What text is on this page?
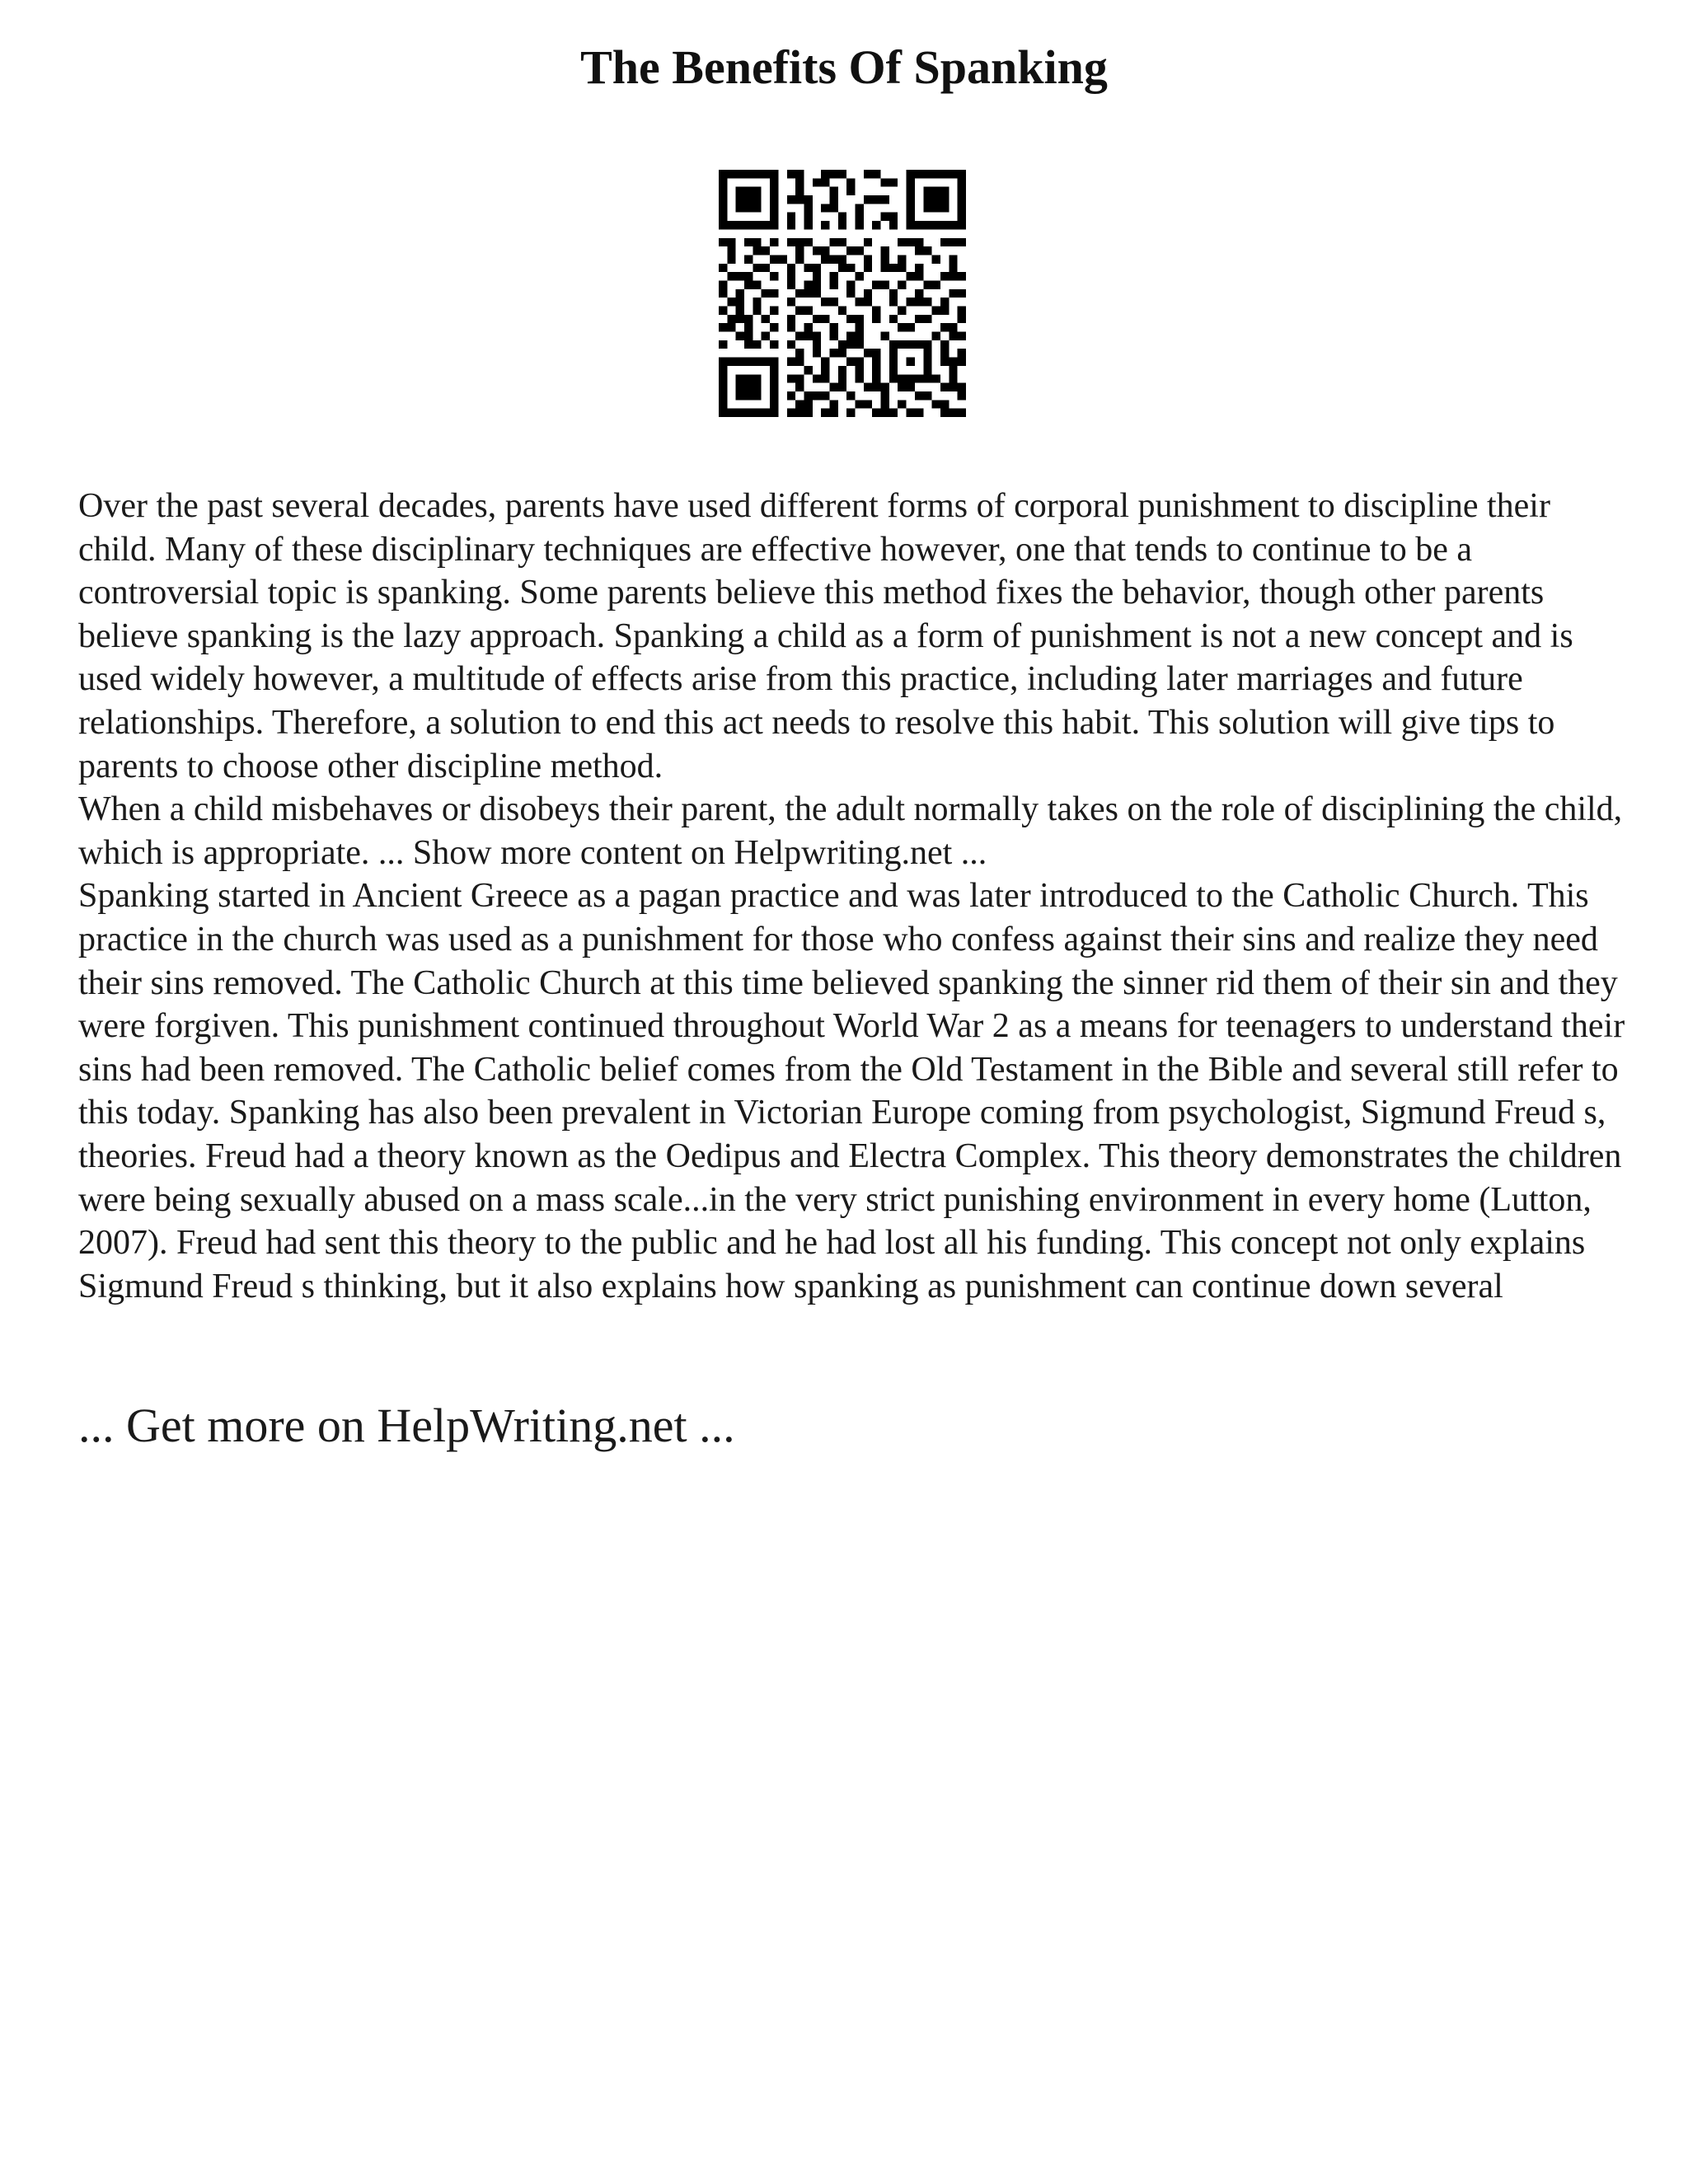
The Benefits Of Spanking

Over the past several decades, parents have used different forms of corporal punishment to discipline their child. Many of these disciplinary techniques are effective however, one that tends to continue to be a controversial topic is spanking. Some parents believe this method fixes the behavior, though other parents believe spanking is the lazy approach. Spanking a child as a form of punishment is not a new concept and is used widely however, a multitude of effects arise from this practice, including later marriages and future relationships. Therefore, a solution to end this act needs to resolve this habit. This solution will give tips to parents to choose other discipline method.

When a child misbehaves or disobeys their parent, the adult normally takes on the role of disciplining the child, which is appropriate. ... Show more content on Helpwriting.net ...

Spanking started in Ancient Greece as a pagan practice and was later introduced to the Catholic Church. This practice in the church was used as a punishment for those who confess against their sins and realize they need their sins removed. The Catholic Church at this time believed spanking the sinner rid them of their sin and they were forgiven. This punishment continued throughout World War 2 as a means for teenagers to understand their sins had been removed. The Catholic belief comes from the Old Testament in the Bible and several still refer to this today. Spanking has also been prevalent in Victorian Europe coming from psychologist, Sigmund Freud s, theories. Freud had a theory known as the Oedipus and Electra Complex. This theory demonstrates the children were being sexually abused on a mass scale...in the very strict punishing environment in every home (Lutton, 2007). Freud had sent this theory to the public and he had lost all his funding. This concept not only explains Sigmund Freud s thinking, but it also explains how spanking as punishment can continue down several

... Get more on HelpWriting.net ...
